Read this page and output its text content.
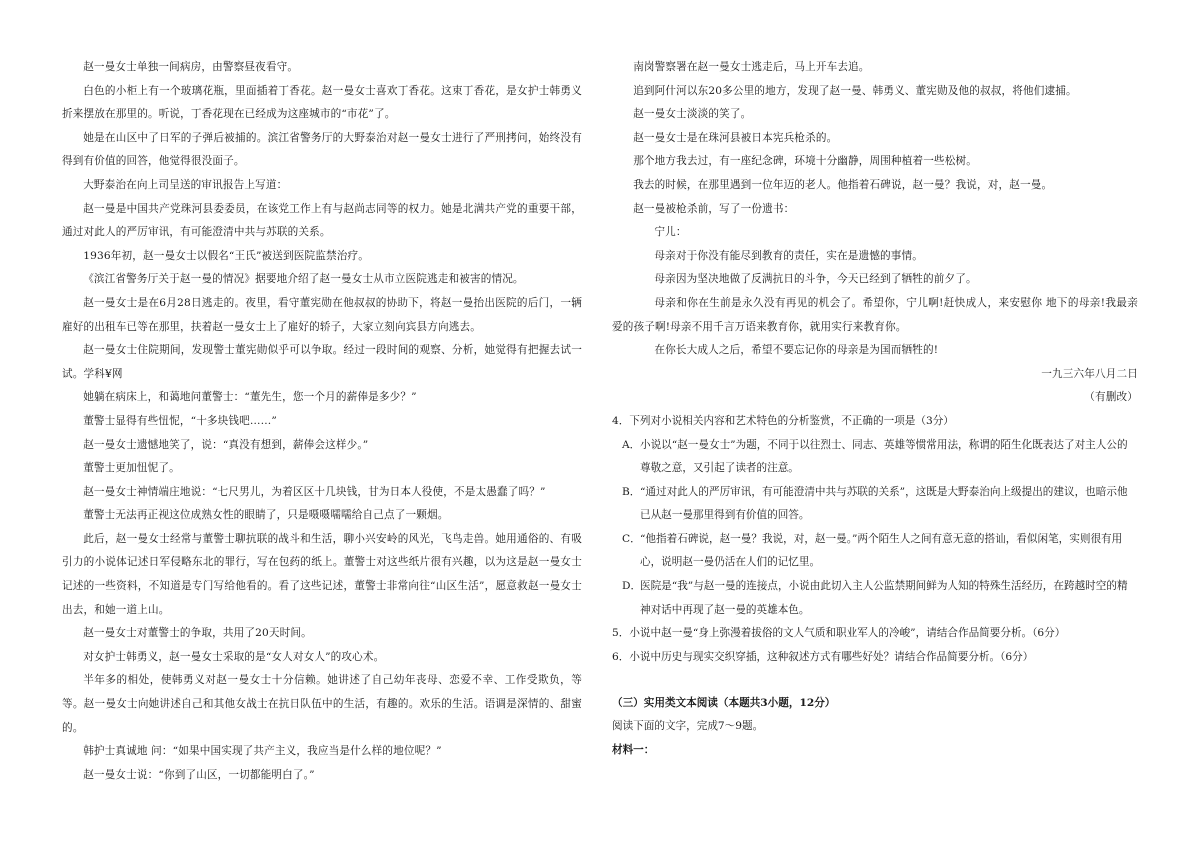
赵一曼女士单独一间病房，由警察昼夜看守。

白色的小柜上有一个玻璃花瓶，里面插着丁香花。赵一曼女士喜欢丁香花。这束丁香花，是女护士韩勇义折来摆放在那里的。听说，丁香花现在已经成为这座城市的“市花”了。

她是在山区中了日军的子弹后被捕的。滨江省警务厅的大野泰治对赵一曼女士进行了严刑拷问，始终没有得到有价值的回答，他觉得很没面子。

大野泰治在向上司呈送的审讯报告上写道：

赵一曼是中国共产党珠河县委委员，在该党工作上有与赵尚志同等的权力。她是北满共产党的重要干部，通过对此人的严厉审讯，有可能澄清中共与苏联的关系。

1936年初，赵一曼女士以假名“王氏”被送到医院监禁治疗。

《滨江省警务厅关于赵一曼的情况》据要地介绍了赵一曼女士从市立医院逃走和被害的情况。

赵一曼女士是在6月28日逃走的。夜里，看守董宪勋在他叔叔的协助下，将赵一曼抬出医院的后门，一辆雇好的出租车已等在那里，扶着赵一曼女士上了雇好的轿子，大家立刻向宾县方向逃去。

赵一曼女士住院期间，发现警士董宪勋似乎可以争取。经过一段时间的观察、分析，她觉得有把握去试一试。学科¥网

她躺在病床上，和蔼地问董警士：“董先生，您一个月的薪俸是多少？”

董警士显得有些忸怩，“十多块钱吧……”

赵一曼女士遗憾地笑了，说：“真没有想到，薪俸会这样少。”

董警士更加忸怩了。

赵一曼女士神情端庄地说：“七尺男儿，为着区区十几块钱，甘为日本人役使，不是太愚蠢了吗？”

董警士无法再正视这位成熟女性的眼睛了，只是嗫嗫嚅嚅给自己点了一颗烟。

此后，赵一曼女士经常与董警士聊抗联的战斗和生活，聊小兴安岭的风光，飞鸟走兽。她用通俗的、有吸引力的小说体记述日军侵略东北的罪行，写在包药的纸上。董警士对这些纸片很有兴趣，以为这是赵一曼女士记述的一些资料，不知道是专门写给他看的。看了这些记述，董警士非常向往“山区生活”，愿意救赵一曼女士出去，和她一道上山。

赵一曼女士对董警士的争取，共用了20天时间。

对女护士韩勇义，赵一曼女士采取的是“女人对女人”的攻心术。

半年多的相处，使韩勇义对赵一曼女士十分信赖。她讲述了自己幼年丧母、恋爱不幸、工作受欺负，等等。赵一曼女士向她讲述自己和其他女战士在抗日队伍中的生活，有趣的。欢乐的生活。语调是深情的、甜蜜的。

韩护士真诚地 问：“如果中国实现了共产主义，我应当是什么样的地位呢？”

赵一曼女士说：“你到了山区，一切都能明白了。”

南岗警察署在赵一曼女士逃走后，马上开车去追。

追到阿什河以东20多公里的地方，发现了赵一曼、韩勇义、董宪勋及他的叔叔，将他们逮捕。

赵一曼女士淡淡的笑了。

赵一曼女士是在珠河县被日本宪兵枪杀的。

那个地方我去过，有一座纪念碑，环境十分幽静，周围种植着一些松树。

我去的时候，在那里遇到一位年迈的老人。他指着石碑说，赵一曼？我说，对，赵一曼。

赵一曼被枪杀前，写了一份遗书：

宁儿：

母亲对于你没有能尽到教育的责任，实在是遗憾的事情。

母亲因为坚决地做了反满抗日的斗争，今天已经到了牺牲的前夕了。

母亲和你在生前是永久没有再见的机会了。希望你，宁儿啊!赶快成人，来安慰你 地下的母亲!我最亲爱的孩子啊!母亲不用千言万语来教育你，就用实行来教育你。

在你长大成人之后，希望不要忘记你的母亲是为国而牺牲的!

一九三六年八月二日

（有删改）

4．下列对小说相关内容和艺术特色的分析鉴赏，不正确的一项是（3分）

A．小说以“赵一曼女士”为题，不同于以往烈士、同志、英雄等惯常用法，称谓的陌生化既表达了对主人公的尊敬之意，又引起了读者的注意。

B．“通过对此人的严厉审讯，有可能澄清中共与苏联的关系”，这既是大野泰治向上级提出的建议，也暗示他已从赵一曼那里得到有价值的回答。

C．“他指着石碑说，赵一曼？我说，对，赵一曼。”两个陌生人之间有意无意的搭讪，看似闲笔，实则很有用心，说明赵一曼仍活在人们的记忆里。

D．医院是“我”与赵一曼的连接点，小说由此切入主人公监禁期间鲜为人知的特殊生活经历，在跨越时空的精神对话中再现了赵一曼的英雄本色。

5．小说中赵一曼“身上弥漫着拔俗的文人气质和职业军人的冷峻”，请结合作品简要分析。（6分）

6．小说中历史与现实交织穿插，这种叙述方式有哪些好处？请结合作品简要分析。（6分）

（三）实用类文本阅读（本题共3小题，12分）

阅读下面的文字，完成7～9题。

材料一：
